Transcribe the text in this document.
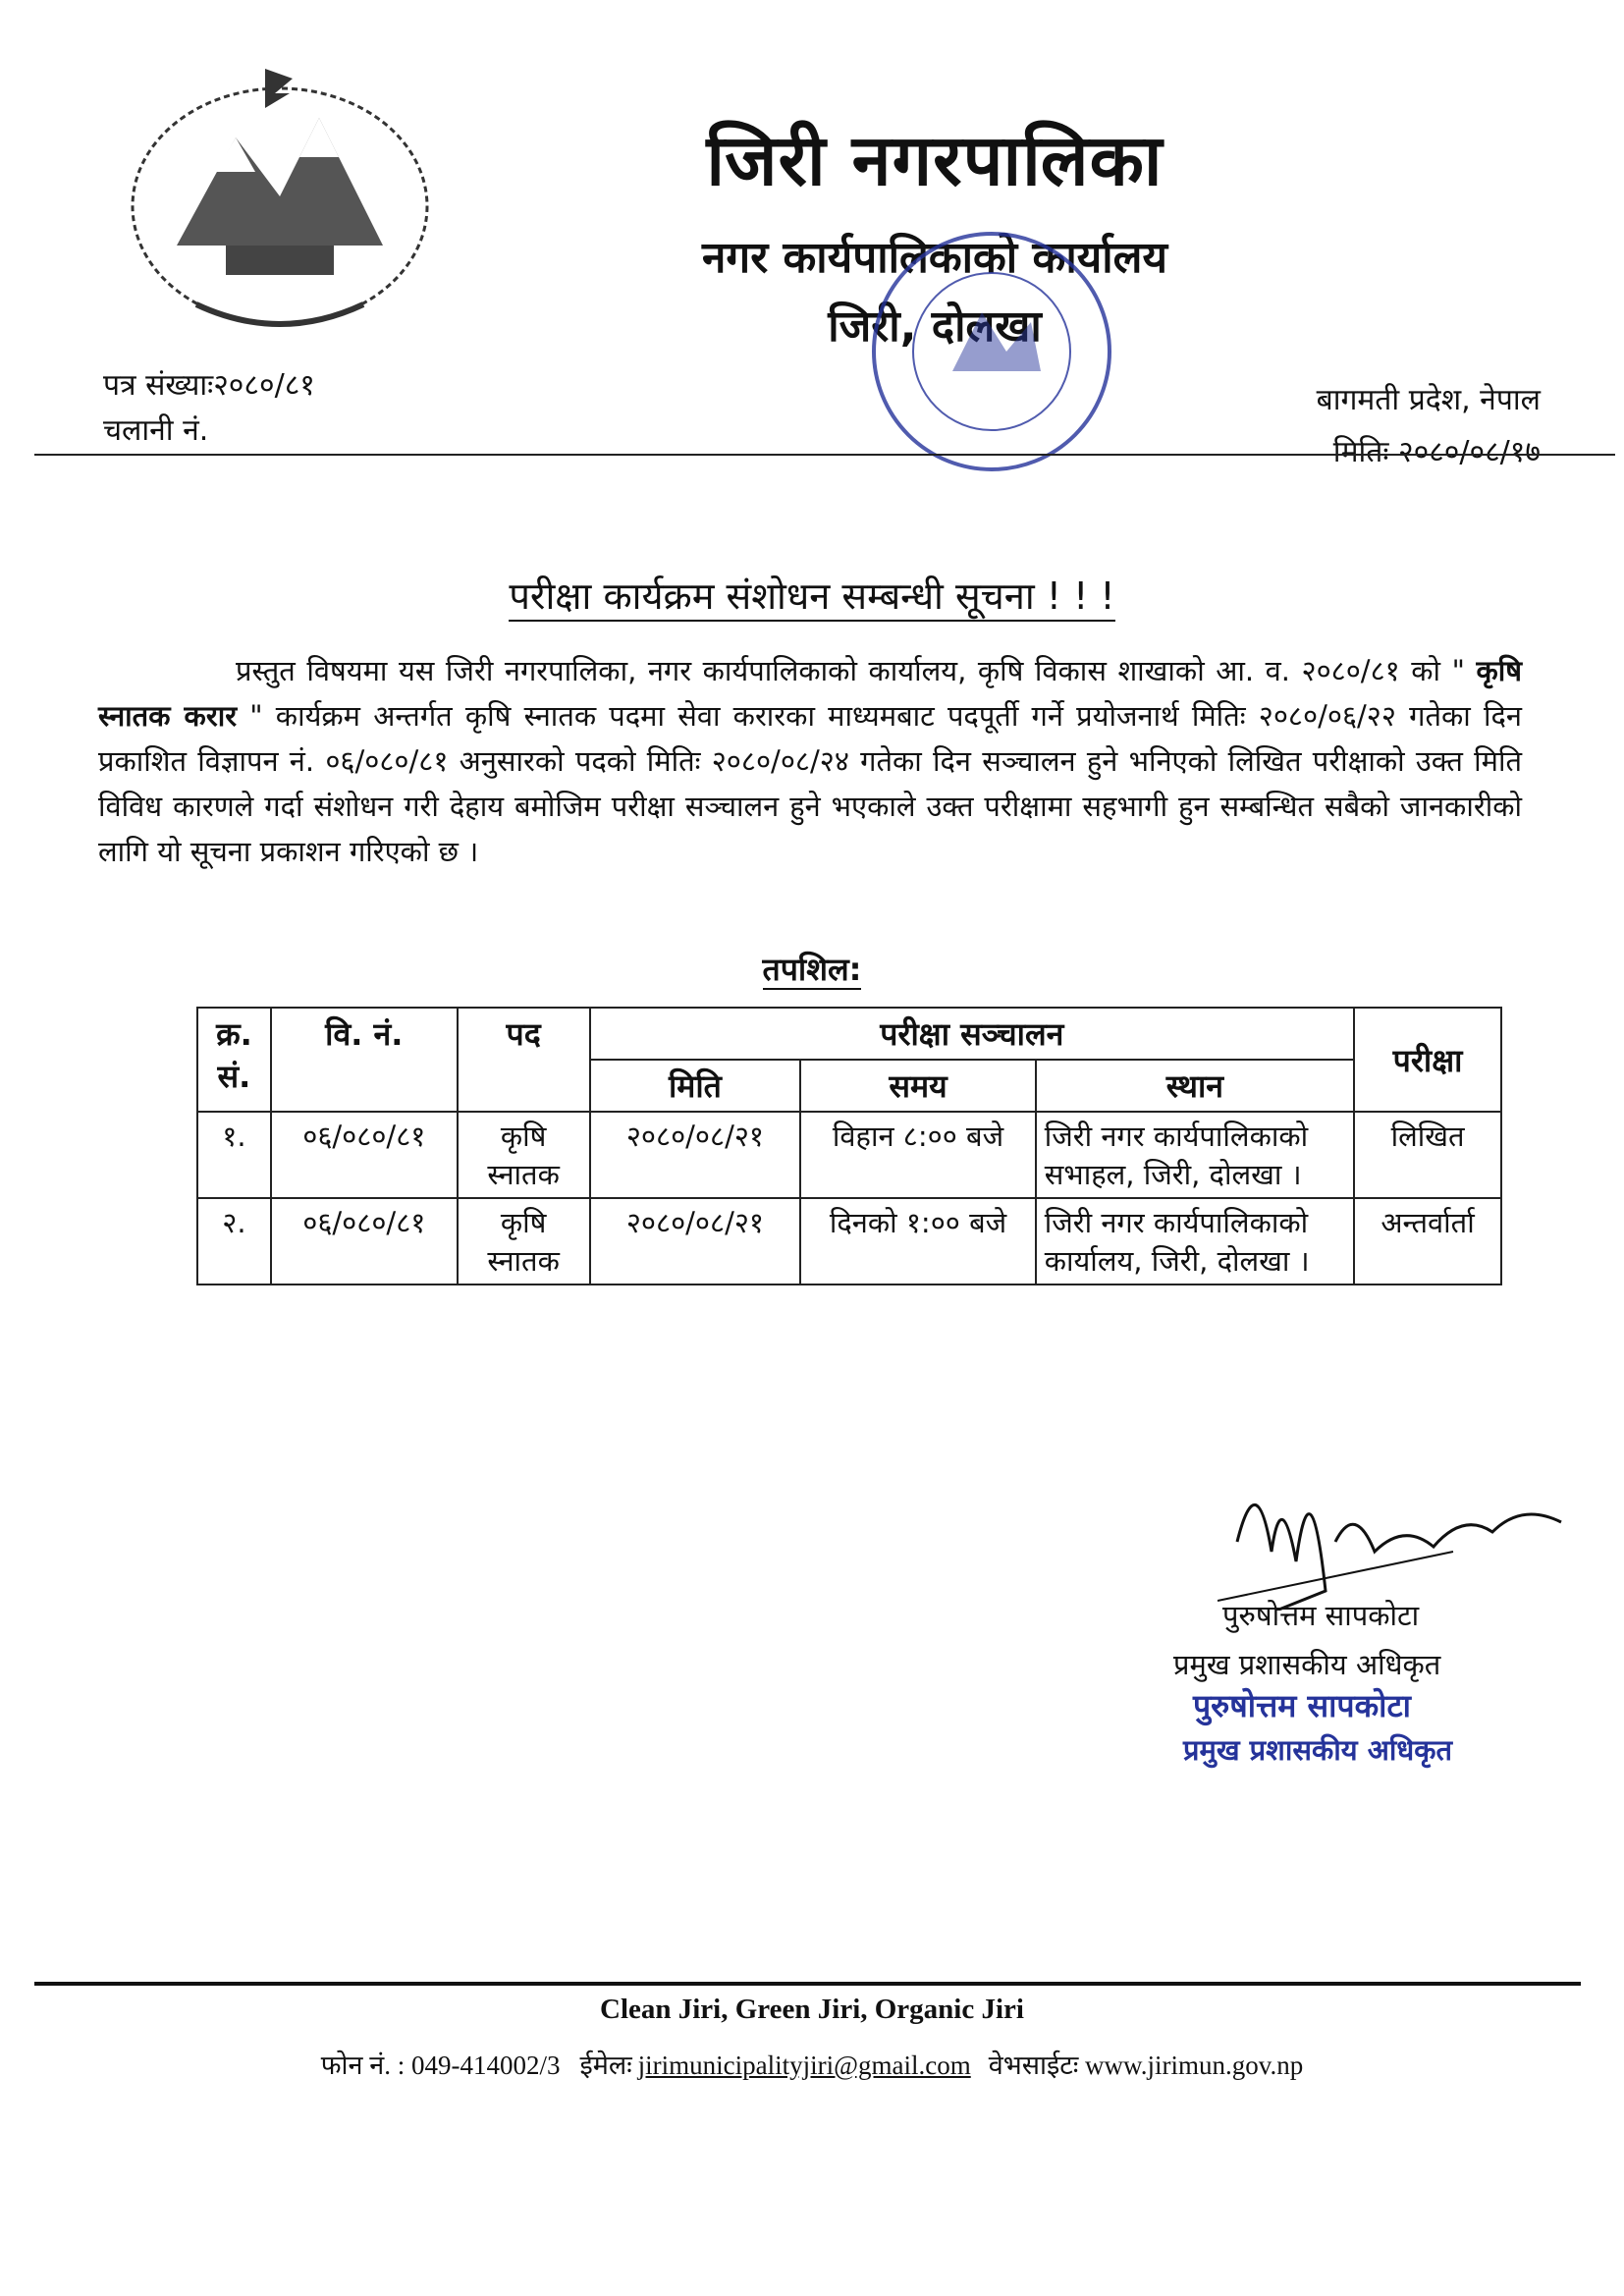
जिरी नगरपालिका
नगर कार्यपालिकाको कार्यालय
जिरी, दोलखा
पत्र संख्याः२०८०/८१
चलानी नं.
बागमती प्रदेश, नेपाल
मितिः २०८०/०८/१७
परीक्षा कार्यक्रम संशोधन सम्बन्धी सूचना ! ! !
प्रस्तुत विषयमा यस जिरी नगरपालिका, नगर कार्यपालिकाको कार्यालय, कृषि विकास शाखाको आ. व. २०८०/८१ को " कृषि स्नातक करार " कार्यक्रम अन्तर्गत कृषि स्नातक पदमा सेवा करारका माध्यमबाट पदपूर्ती गर्ने प्रयोजनार्थ मितिः २०८०/०६/२२ गतेका दिन प्रकाशित विज्ञापन नं. ०६/०८०/८१ अनुसारको पदको मितिः २०८०/०८/२४ गतेका दिन सञ्चालन हुने भनिएको लिखित परीक्षाको उक्त मिति विविध कारणले गर्दा संशोधन गरी देहाय बमोजिम परीक्षा सञ्चालन हुने भएकाले उक्त परीक्षामा सहभागी हुन सम्बन्धित सबैको जानकारीको लागि यो सूचना प्रकाशन गरिएको छ ।
तपशिल:
क्र. सं.	वि. नं.	पद	परीक्षा सञ्चालन			परीक्षा
			मिति	समय	स्थान	
१.	०६/०८०/८१	कृषि स्नातक	२०८०/०८/२१	विहान ८:०० बजे	जिरी नगर कार्यपालिकाको सभाहल, जिरी, दोलखा ।	लिखित
२.	०६/०८०/८१	कृषि स्नातक	२०८०/०८/२१	दिनको १:०० बजे	जिरी नगर कार्यपालिकाको कार्यालय, जिरी, दोलखा ।	अन्तर्वार्ता
पुरुषोत्तम सापकोटा
प्रमुख प्रशासकीय अधिकृत
पुरुषोत्तम सापकोटा
प्रमुख प्रशासकीय अधिकृत
Clean Jiri, Green Jiri, Organic Jiri
फोन नं. : 049-414002/3 ईमेलः jirimunicipalityjiri@gmail.com वेभसाईटः www.jirimun.gov.np
